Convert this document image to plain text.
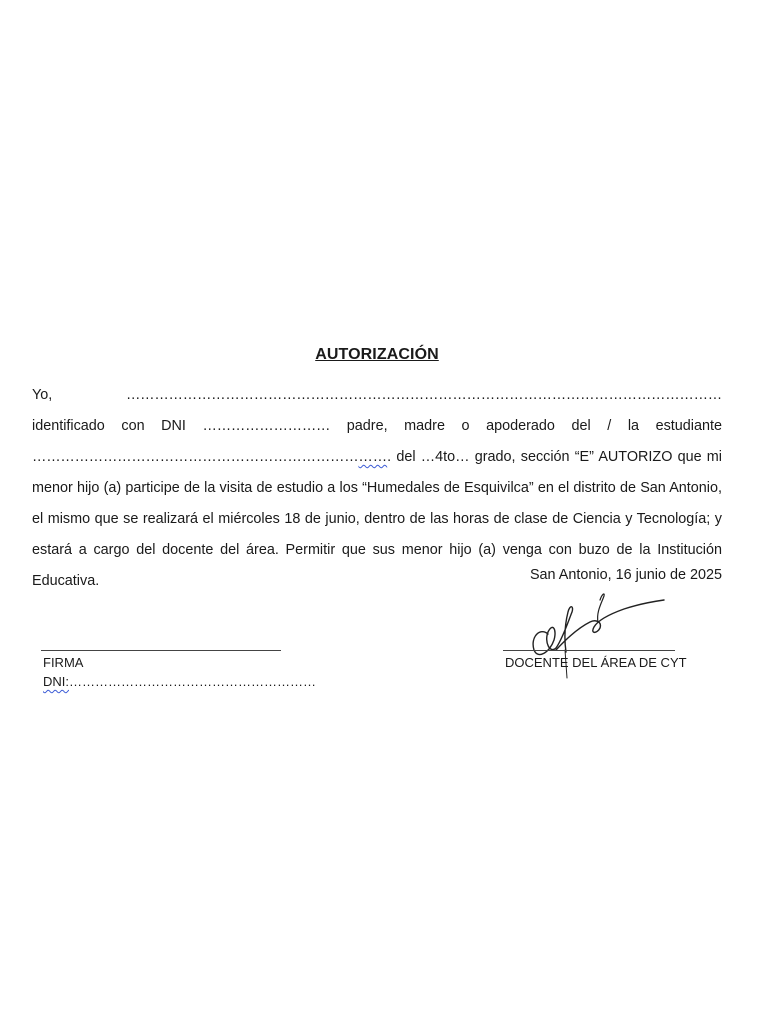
AUTORIZACIÓN

Yo, ……………………………………………………………………………………………………………… identificado con DNI ……………………… padre, madre o apoderado del / la estudiante …………………………………………………………………. del …4to… grado, sección “E” AUTORIZO que mi menor hijo (a) participe de la visita de estudio a los “Humedales de Esquivilca” en el distrito de San Antonio, el mismo que se realizará el miércoles 18 de junio, dentro de las horas de clase de Ciencia y Tecnología; y estará a cargo del docente del área. Permitir que sus menor hijo (a) venga con buzo de la Institución Educativa.	San Antonio, 16 junio de 2025
FIRMA
DNI:…………………………………………………
DOCENTE DEL ÁREA DE CYT
